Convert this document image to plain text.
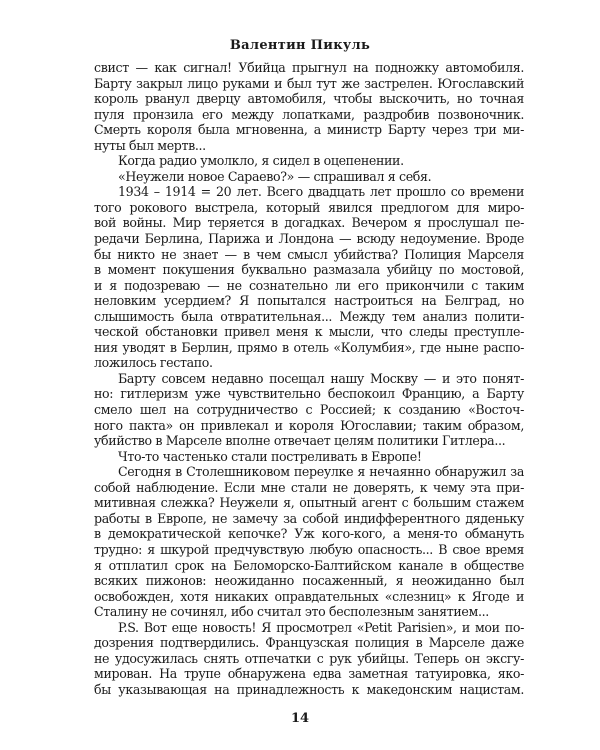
Валентин Пикуль
свист — как сигнал! Убийца прыгнул на подножку автомобиля.
Барту закрыл лицо руками и был тут же застрелен. Югославский
король рванул дверцу автомобиля, чтобы выскочить, но точная
пуля пронзила его между лопатками, раздробив позвоночник.
Смерть короля была мгновенна, а министр Барту через три ми-
нуты был мертв...
Когда радио умолкло, я сидел в оцепенении.
«Неужели новое Сараево?» — спрашивал я себя.
1934 – 1914 = 20 лет. Всего двадцать лет прошло со времени
того рокового выстрела, который явился предлогом для миро-
вой войны. Мир теряется в догадках. Вечером я прослушал пе-
редачи Берлина, Парижа и Лондона — всюду недоумение. Вроде
бы никто не знает — в чем смысл убийства? Полиция Марселя
в момент покушения буквально размазала убийцу по мостовой,
и я подозреваю — не сознательно ли его прикончили с таким
неловким усердием? Я попытался настроиться на Белград, но
слышимость была отвратительная... Между тем анализ полити-
ческой обстановки привел меня к мысли, что следы преступле-
ния уводят в Берлин, прямо в отель «Колумбия», где ныне распо-
ложилось гестапо.
Барту совсем недавно посещал нашу Москву — и это понят-
но: гитлеризм уже чувствительно беспокоил Францию, а Барту
смело шел на сотрудничество с Россией; к созданию «Восточ-
ного пакта» он привлекал и короля Югославии; таким образом,
убийство в Марселе вполне отвечает целям политики Гитлера...
Что-то частенько стали постреливать в Европе!
Сегодня в Столешниковом переулке я нечаянно обнаружил за
собой наблюдение. Если мне стали не доверять, к чему эта при-
митивная слежка? Неужели я, опытный агент с большим стажем
работы в Европе, не замечу за собой индифферентного дяденьку
в демократической кепочке? Уж кого-кого, а меня-то обмануть
трудно: я шкурой предчувствую любую опасность... В свое время
я отплатил срок на Беломорско-Балтийском канале в обществе
всяких пижонов: неожиданно посаженный, я неожиданно был
освобожден, хотя никаких оправдательных «слезниц» к Ягоде и
Сталину не сочинял, ибо считал это бесполезным занятием...
P.S. Вот еще новость! Я просмотрел «Petit Parisien», и мои по-
дозрения подтвердились. Французская полиция в Марселе даже
не удосужилась снять отпечатки с рук убийцы. Теперь он эксгу-
мирован. На трупе обнаружена едва заметная татуировка, яко-
бы указывающая на принадлежность к македонским нацистам.
14
